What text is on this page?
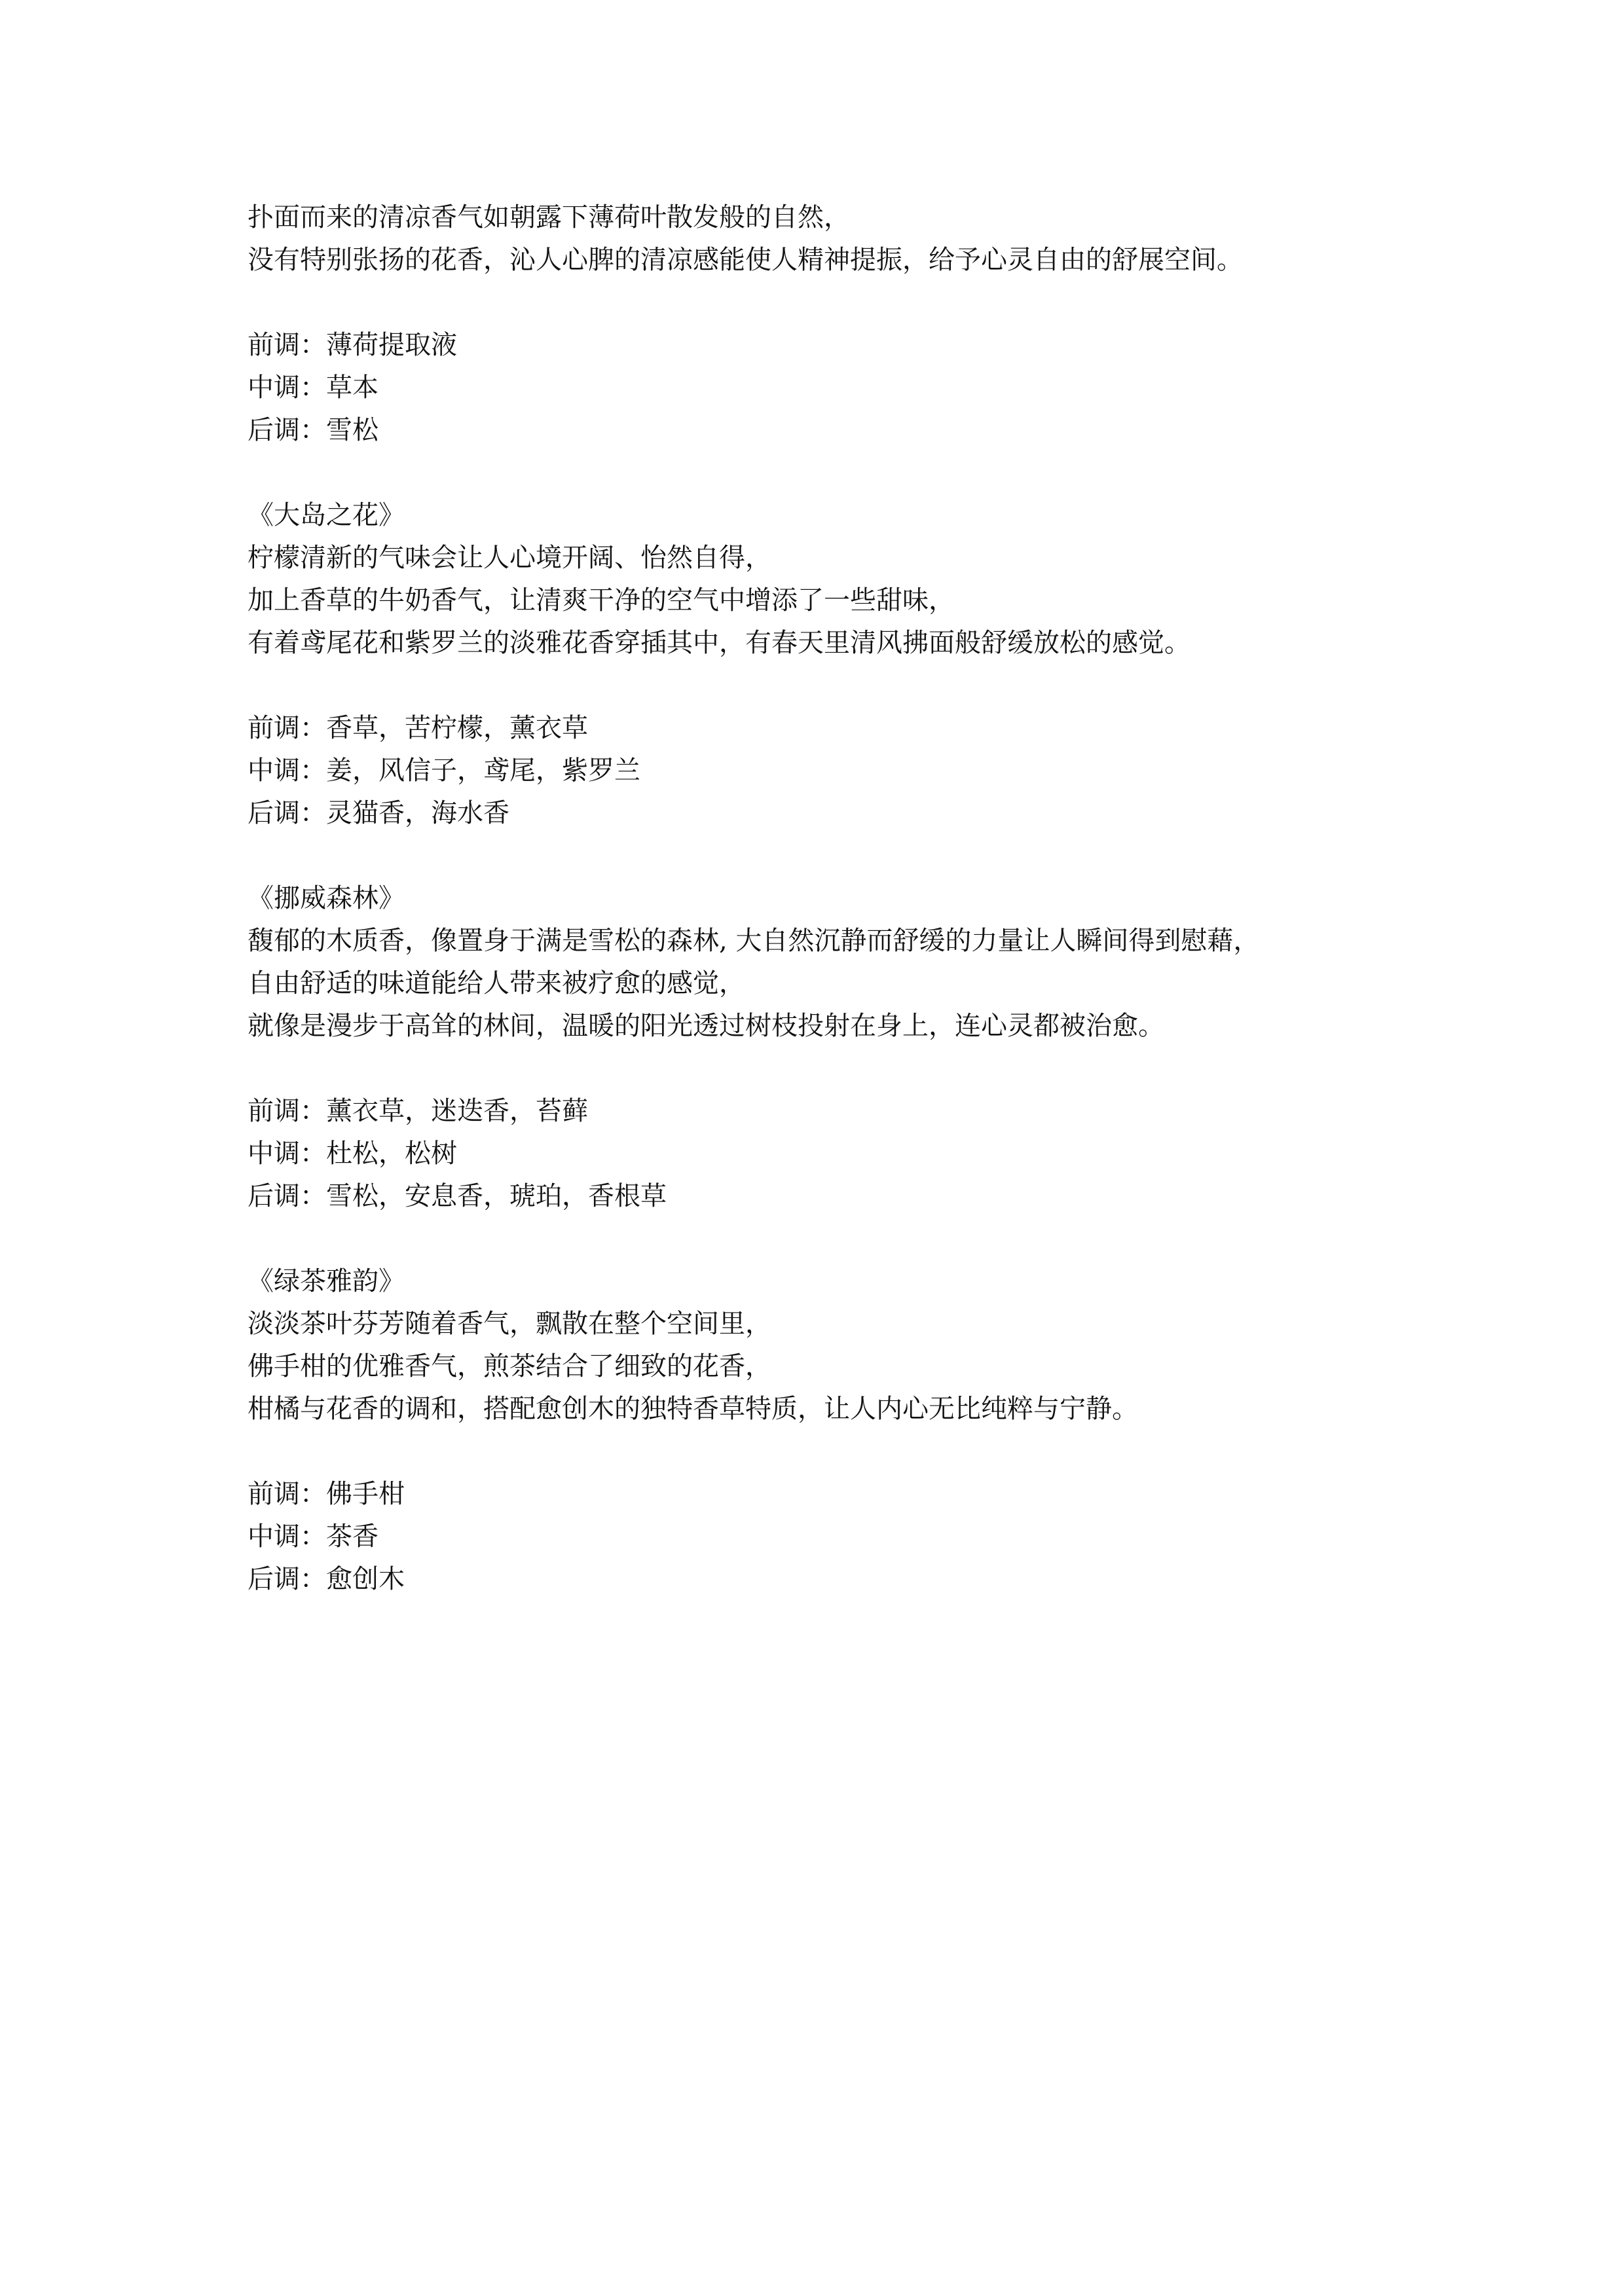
扑面而来的清凉香气如朝露下薄荷叶散发般的自然，
没有特别张扬的花香，沁人心脾的清凉感能使人精神提振，给予心灵自由的舒展空间。
前调：薄荷提取液
中调：草本
后调：雪松
《大岛之花》
柠檬清新的气味会让人心境开阔、怡然自得，
加上香草的牛奶香气，让清爽干净的空气中增添了一些甜味，
有着鸢尾花和紫罗兰的淡雅花香穿插其中，有春天里清风拂面般舒缓放松的感觉。
前调：香草，苦柠檬，薰衣草
中调：姜，风信子，鸢尾，紫罗兰
后调：灵猫香，海水香
《挪威森林》
馥郁的木质香，像置身于满是雪松的森林, 大自然沉静而舒缓的力量让人瞬间得到慰藉，
自由舒适的味道能给人带来被疗愈的感觉，
就像是漫步于高耸的林间，温暖的阳光透过树枝投射在身上，连心灵都被治愈。
前调：薰衣草，迷迭香，苔藓
中调：杜松，松树
后调：雪松，安息香，琥珀，香根草
《绿茶雅韵》
淡淡茶叶芬芳随着香气，飘散在整个空间里，
佛手柑的优雅香气，煎茶结合了细致的花香，
柑橘与花香的调和，搭配愈创木的独特香草特质，让人内心无比纯粹与宁静。
前调：佛手柑
中调：茶香
后调：愈创木
